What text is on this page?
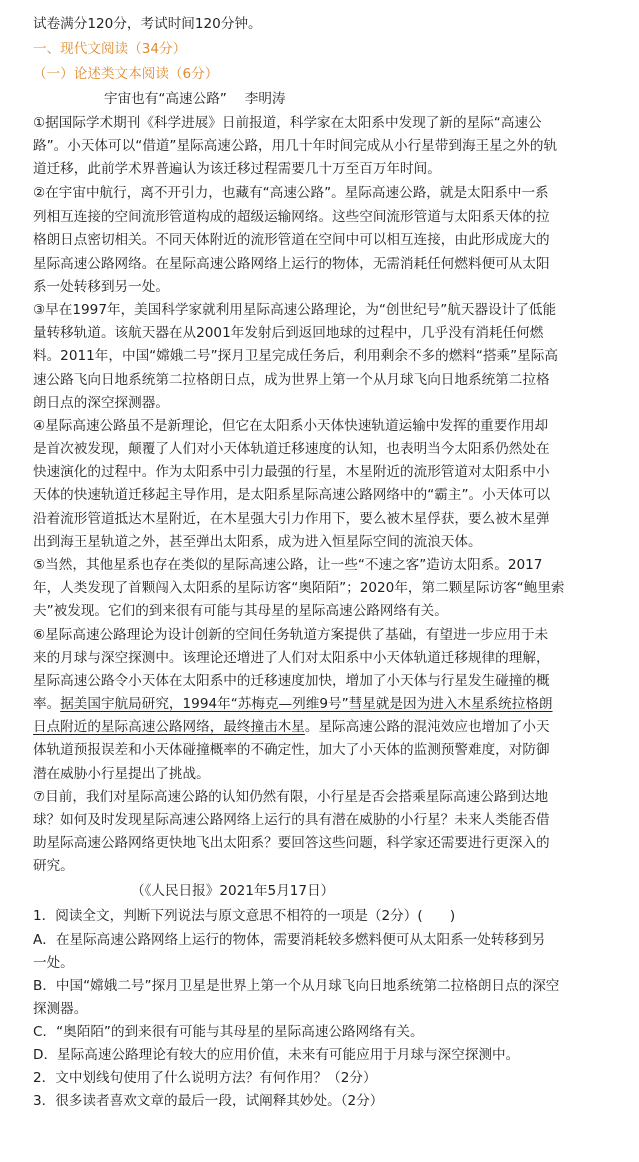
试卷满分120分，考试时间120分钟。
一、现代文阅读（34分）
（一）论述类文本阅读（6分）
宇宙也有“高速公路”　 李明涛
①据国际学术期刊《科学进展》日前报道，科学家在太阳系中发现了新的星际“高速公
路”。小天体可以“借道”星际高速公路，用几十年时间完成从小行星带到海王星之外的轨
道迁移，此前学术界普遍认为该迁移过程需要几十万至百万年时间。
②在宇宙中航行，离不开引力，也藏有“高速公路”。星际高速公路，就是太阳系中一系
列相互连接的空间流形管道构成的超级运输网络。这些空间流形管道与太阳系天体的拉
格朗日点密切相关。不同天体附近的流形管道在空间中可以相互连接，由此形成庞大的
星际高速公路网络。在星际高速公路网络上运行的物体，无需消耗任何燃料便可从太阳
系一处转移到另一处。
③早在1997年，美国科学家就利用星际高速公路理论，为“创世纪号”航天器设计了低能
量转移轨道。该航天器在从2001年发射后到返回地球的过程中，几乎没有消耗任何燃
料。2011年，中国“嫦娥二号”探月卫星完成任务后，利用剩余不多的燃料“搭乘”星际高
速公路飞向日地系统第二拉格朗日点，成为世界上第一个从月球飞向日地系统第二拉格
朗日点的深空探测器。
④星际高速公路虽不是新理论，但它在太阳系小天体快速轨道运输中发挥的重要作用却
是首次被发现，颠覆了人们对小天体轨道迁移速度的认知，也表明当今太阳系仍然处在
快速演化的过程中。作为太阳系中引力最强的行星，木星附近的流形管道对太阳系中小
天体的快速轨道迁移起主导作用，是太阳系星际高速公路网络中的“霸主”。小天体可以
沿着流形管道抵达木星附近，在木星强大引力作用下，要么被木星俘获，要么被木星弹
出到海王星轨道之外，甚至弹出太阳系，成为进入恒星际空间的流浪天体。
⑤当然，其他星系也存在类似的星际高速公路，让一些“不速之客”造访太阳系。2017
年，人类发现了首颗闯入太阳系的星际访客“奥陌陌”；2020年，第二颗星际访客“鲍里索
夫”被发现。它们的到来很有可能与其母星的星际高速公路网络有关。
⑥星际高速公路理论为设计创新的空间任务轨道方案提供了基础，有望进一步应用于未
来的月球与深空探测中。该理论还增进了人们对太阳系中小天体轨道迁移规律的理解，
星际高速公路令小天体在太阳系中的迁移速度加快，增加了小天体与行星发生碰撞的概
率。据美国宇航局研究，1994年“苏梅克—列维9号”彗星就是因为进入木星系统拉格朗
日点附近的星际高速公路网络，最终撞击木星。星际高速公路的混沌效应也增加了小天
体轨道预报误差和小天体碰撞概率的不确定性，加大了小天体的监测预警难度，对防御
潜在威胁小行星提出了挑战。
⑦目前，我们对星际高速公路的认知仍然有限，小行星是否会搭乘星际高速公路到达地
球？如何及时发现星际高速公路网络上运行的具有潜在威胁的小行星？未来人类能否借
助星际高速公路网络更快地飞出太阳系？要回答这些问题，科学家还需要进行更深入的
研究。
（《人民日报》2021年5月17日）
1．阅读全文，判断下列说法与原文意思不相符的一项是（2分）(　　)
A．在星际高速公路网络上运行的物体，需要消耗较多燃料便可从太阳系一处转移到另
一处。
B．中国“嫦娥二号”探月卫星是世界上第一个从月球飞向日地系统第二拉格朗日点的深空
探测器。
C．“奥陌陌”的到来很有可能与其母星的星际高速公路网络有关。
D．星际高速公路理论有较大的应用价值，未来有可能应用于月球与深空探测中。
2．文中划线句使用了什么说明方法？有何作用？（2分）
3．很多读者喜欢文章的最后一段，试阐释其妙处。（2分）
